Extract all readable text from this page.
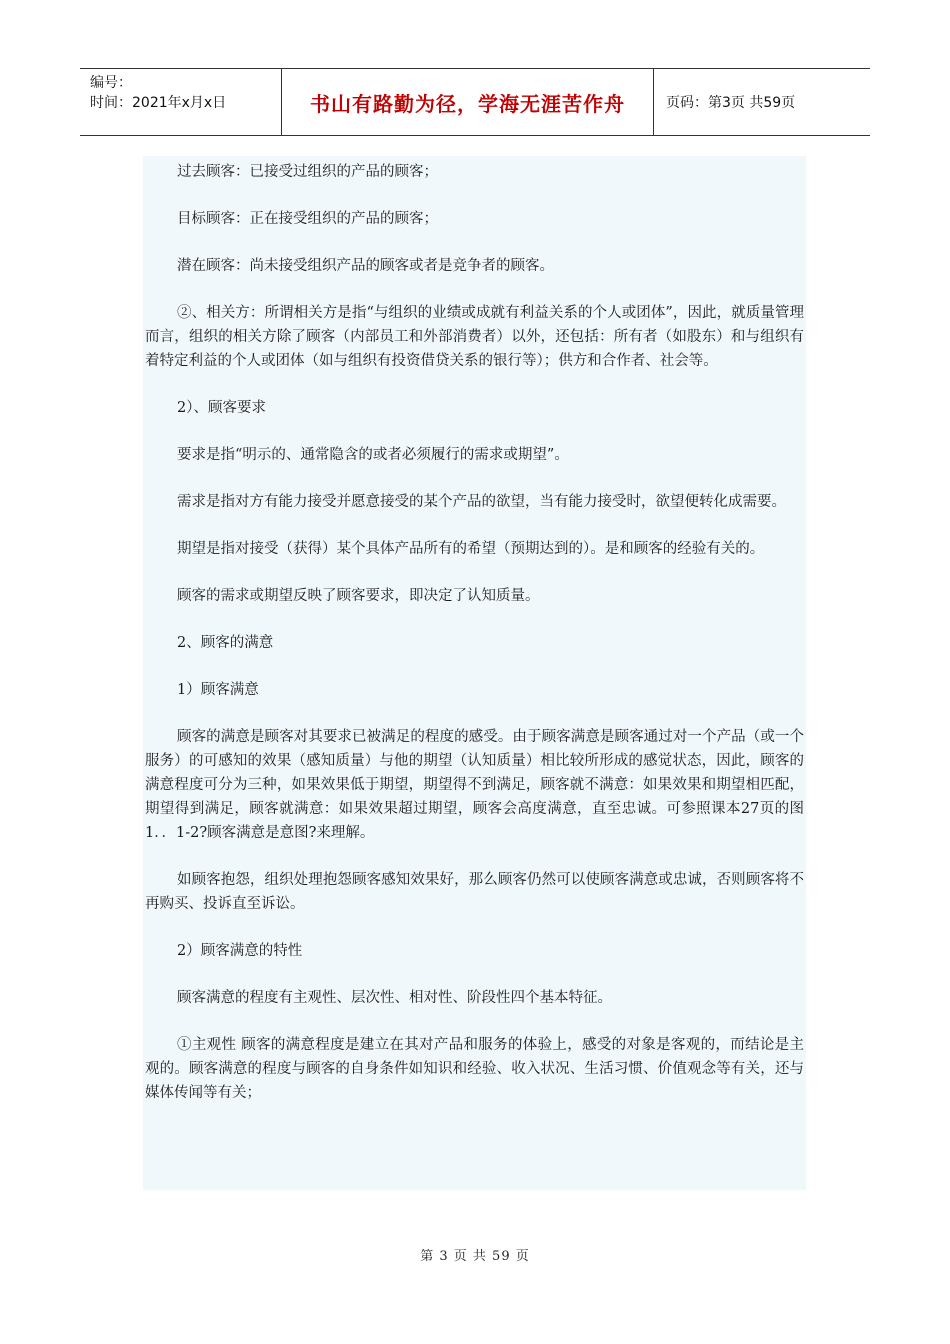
编号：
时间：2021年x月x日	书山有路勤为径，学海无涯苦作舟	页码：第3页 共59页

过去顾客：已接受过组织的产品的顾客；

目标顾客：正在接受组织的产品的顾客；

潜在顾客：尚未接受组织产品的顾客或者是竞争者的顾客。

②、相关方：所谓相关方是指“与组织的业绩或成就有利益关系的个人或团体”，因此，就质量管理而言，组织的相关方除了顾客（内部员工和外部消费者）以外，还包括：所有者（如股东）和与组织有着特定利益的个人或团体（如与组织有投资借贷关系的银行等）；供方和合作者、社会等。

2）、顾客要求

要求是指“明示的、通常隐含的或者必须履行的需求或期望”。

需求是指对方有能力接受并愿意接受的某个产品的欲望，当有能力接受时，欲望便转化成需要。

期望是指对接受（获得）某个具体产品所有的希望（预期达到的）。是和顾客的经验有关的。

顾客的需求或期望反映了顾客要求，即决定了认知质量。

2、顾客的满意

1）顾客满意

顾客的满意是顾客对其要求已被满足的程度的感受。由于顾客满意是顾客通过对一个产品（或一个服务）的可感知的效果（感知质量）与他的期望（认知质量）相比较所形成的感觉状态，因此，顾客的满意程度可分为三种，如果效果低于期望，期望得不到满足，顾客就不满意：如果效果和期望相匹配，期望得到满足，顾客就满意：如果效果超过期望，顾客会高度满意，直至忠诚。可参照课本27页的图1．．1-2?顾客满意是意图?来理解。

如顾客抱怨，组织处理抱怨顾客感知效果好，那么顾客仍然可以使顾客满意或忠诚，否则顾客将不再购买、投诉直至诉讼。

2）顾客满意的特性

顾客满意的程度有主观性、层次性、相对性、阶段性四个基本特征。

①主观性 顾客的满意程度是建立在其对产品和服务的体验上，感受的对象是客观的，而结论是主观的。顾客满意的程度与顾客的自身条件如知识和经验、收入状况、生活习惯、价值观念等有关，还与媒体传闻等有关；

第 3 页 共 59 页
